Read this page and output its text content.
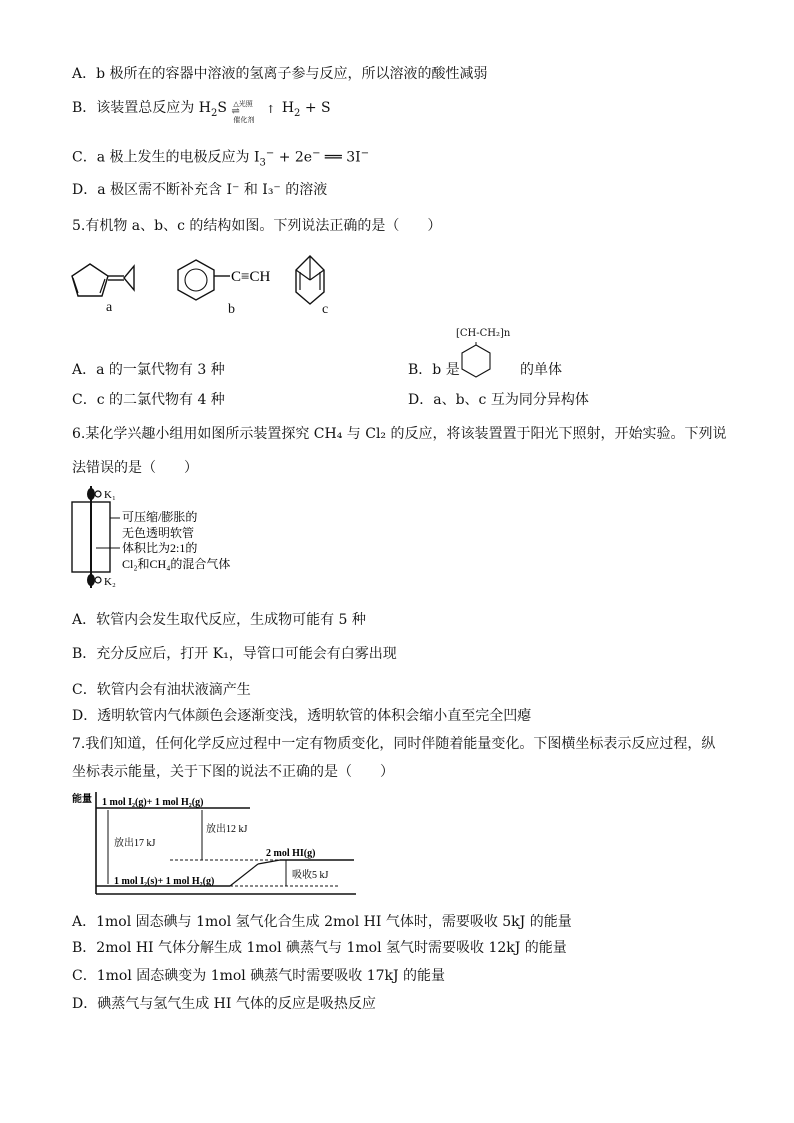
A．b 极所在的容器中溶液的氢离子参与反应，所以溶液的酸性减弱
B．该装置总反应为 $H_2S$ △光照
催化剂
⇌ ↑ $H_2 + S$
C．a 极上发生的电极反应为 $I_3^- + 2e^-$ ══ 3I−
D．a 极区需不断补充含 I⁻ 和 I₃⁻ 的溶液
5.有机物 a、b、c 的结构如图。下列说法正确的是（　　）
C≡CH
a	b	c
A．a 的一氯代物有 3 种	B．b 是
[CH-CH₂]n
的单体
C．c 的二氯代物有 4 种	D．a、b、c 互为同分异构体
6.某化学兴趣小组用如图所示装置探究 CH₄ 与 Cl₂ 的反应，将该装置置于阳光下照射，开始实验。下列说
法错误的是（　　）
K₁
K₂
可压缩/膨胀的
无色透明软管
体积比为2:1的
Cl₂和CH₄的混合气体
A．软管内会发生取代反应，生成物可能有 5 种
B．充分反应后，打开 K₁，导管口可能会有白雾出现
C．软管内会有油状液滴产生
D．透明软管内气体颜色会逐渐变浅，透明软管的体积会缩小直至完全凹瘪
7.我们知道，任何化学反应过程中一定有物质变化，同时伴随着能量变化。下图横坐标表示反应过程，纵
坐标表示能量，关于下图的说法不正确的是（　　）
能量 1 mol I₂(g)+ 1 mol H₂(g)
1 mol I₂(s)+ 1 mol H₂(g)
2 mol HI(g)
放出17 kJ
放出12 kJ
吸收5 kJ
A．1mol 固态碘与 1mol 氢气化合生成 2mol HI 气体时，需要吸收 5kJ 的能量
B．2mol HI 气体分解生成 1mol 碘蒸气与 1mol 氢气时需要吸收 12kJ 的能量
C．1mol 固态碘变为 1mol 碘蒸气时需要吸收 17kJ 的能量
D．碘蒸气与氢气生成 HI 气体的反应是吸热反应
